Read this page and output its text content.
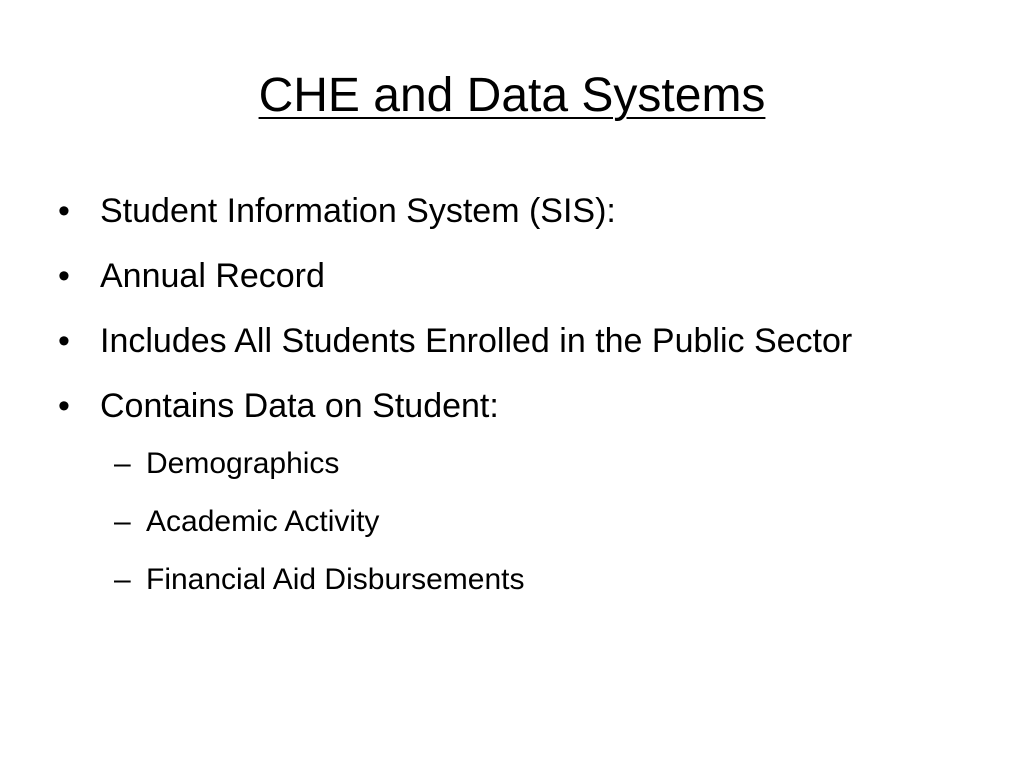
CHE and Data Systems
• Student Information System (SIS):
• Annual Record
• Includes All Students Enrolled in the Public Sector
• Contains Data on Student:
– Demographics
– Academic Activity
– Financial Aid Disbursements
